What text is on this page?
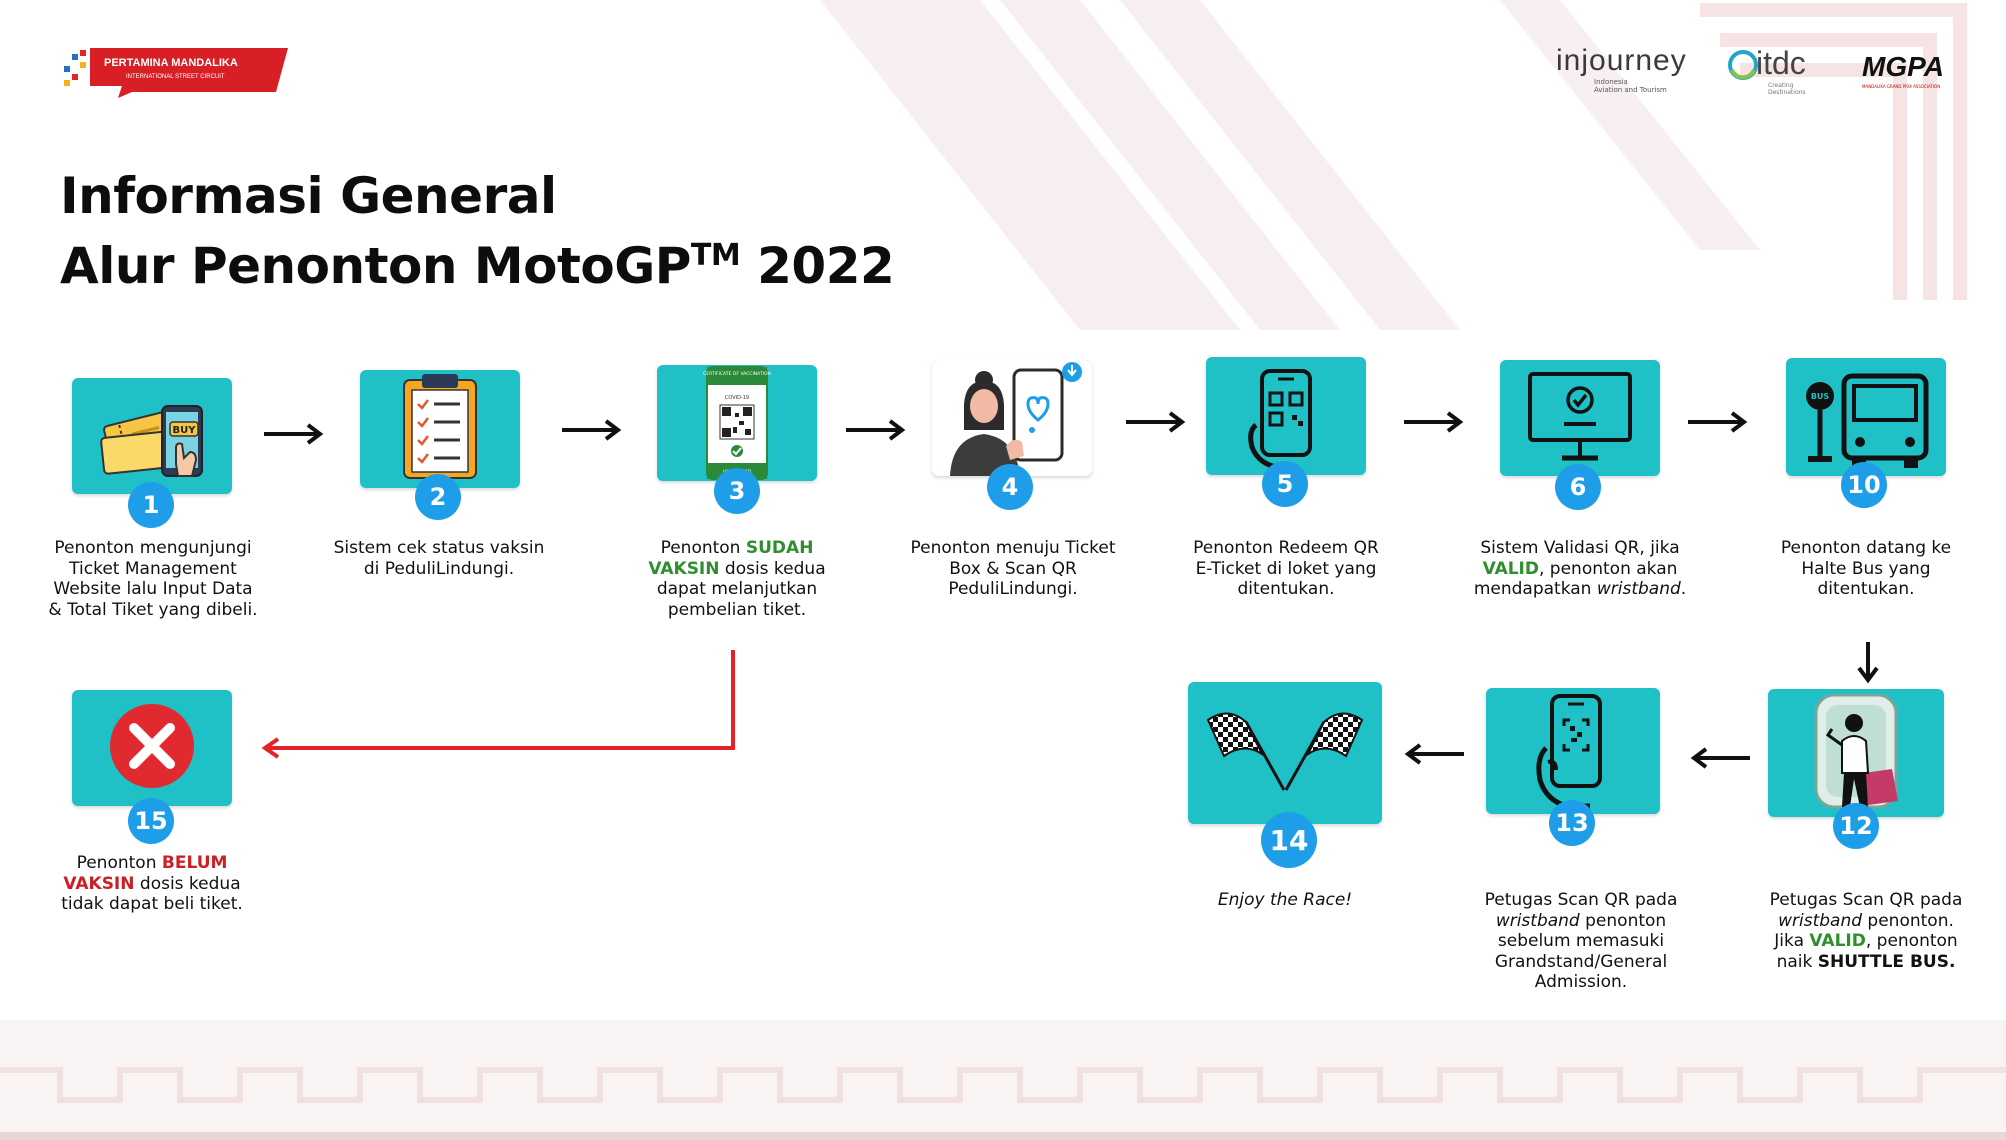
PERTAMINA MANDALIKA
INTERNATIONAL STREET CIRCUIT	injourney
Indonesia
Aviation and Tourism
itdc
Creating Destinations
MGPA
MANDALIKA GRAND PRIX ASSOCIATION
Informasi General
Alur Penonton MotoGP™ 2022
BUY
1
Penonton mengunjungi Ticket Management Website lalu Input Data & Total Tiket yang dibeli.
2
Sistem cek status vaksin di PeduliLindungi.
CERTIFICATE OF VACCINATION
COVID-19
3
Penonton SUDAH VAKSIN dosis kedua dapat melanjutkan pembelian tiket.
4
Penonton menuju Ticket Box & Scan QR PeduliLindungi.
5
Penonton Redeem QR E-Ticket di loket yang ditentukan.
6
Sistem Validasi QR, jika VALID, penonton akan mendapatkan wristband.
BUS
10
Penonton datang ke Halte Bus yang ditentukan.
12
Petugas Scan QR pada wristband penonton. Jika VALID, penonton naik SHUTTLE BUS.
13
Petugas Scan QR pada wristband penonton sebelum memasuki Grandstand/General Admission.
14
Enjoy the Race!
15
Penonton BELUM VAKSIN dosis kedua tidak dapat beli tiket.
